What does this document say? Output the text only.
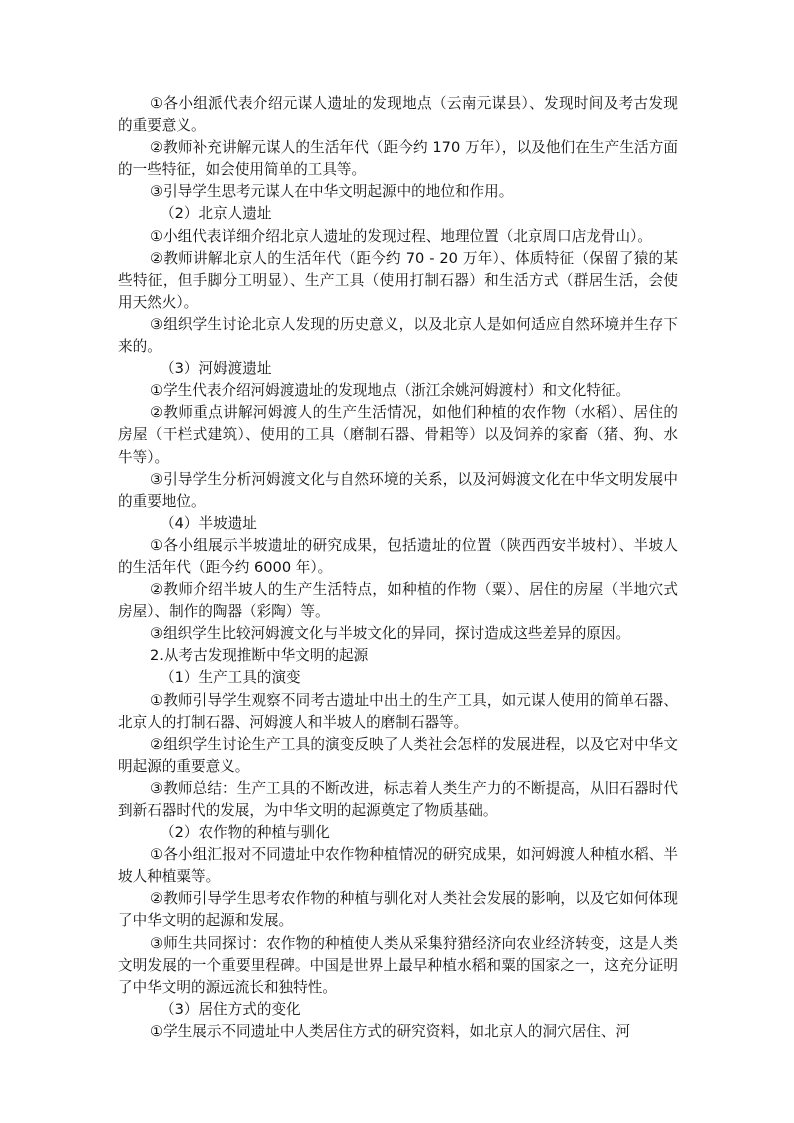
①各小组派代表介绍元谋人遗址的发现地点（云南元谋县）、发现时间及考古发现的重要意义。

②教师补充讲解元谋人的生活年代（距今约 170 万年），以及他们在生产生活方面的一些特征，如会使用简单的工具等。

③引导学生思考元谋人在中华文明起源中的地位和作用。

（2）北京人遗址

①小组代表详细介绍北京人遗址的发现过程、地理位置（北京周口店龙骨山）。

②教师讲解北京人的生活年代（距今约 70 - 20 万年）、体质特征（保留了猿的某些特征，但手脚分工明显）、生产工具（使用打制石器）和生活方式（群居生活，会使用天然火）。

③组织学生讨论北京人发现的历史意义，以及北京人是如何适应自然环境并生存下来的。

（3）河姆渡遗址

①学生代表介绍河姆渡遗址的发现地点（浙江余姚河姆渡村）和文化特征。

②教师重点讲解河姆渡人的生产生活情况，如他们种植的农作物（水稻）、居住的房屋（干栏式建筑）、使用的工具（磨制石器、骨耜等）以及饲养的家畜（猪、狗、水牛等）。

③引导学生分析河姆渡文化与自然环境的关系，以及河姆渡文化在中华文明发展中的重要地位。

（4）半坡遗址

①各小组展示半坡遗址的研究成果，包括遗址的位置（陕西西安半坡村）、半坡人的生活年代（距今约 6000 年）。

②教师介绍半坡人的生产生活特点，如种植的作物（粟）、居住的房屋（半地穴式房屋）、制作的陶器（彩陶）等。

③组织学生比较河姆渡文化与半坡文化的异同，探讨造成这些差异的原因。

2.从考古发现推断中华文明的起源

（1）生产工具的演变

①教师引导学生观察不同考古遗址中出土的生产工具，如元谋人使用的简单石器、北京人的打制石器、河姆渡人和半坡人的磨制石器等。

②组织学生讨论生产工具的演变反映了人类社会怎样的发展进程，以及它对中华文明起源的重要意义。

③教师总结：生产工具的不断改进，标志着人类生产力的不断提高，从旧石器时代到新石器时代的发展，为中华文明的起源奠定了物质基础。

（2）农作物的种植与驯化

①各小组汇报对不同遗址中农作物种植情况的研究成果，如河姆渡人种植水稻、半坡人种植粟等。

②教师引导学生思考农作物的种植与驯化对人类社会发展的影响，以及它如何体现了中华文明的起源和发展。

③师生共同探讨：农作物的种植使人类从采集狩猎经济向农业经济转变，这是人类文明发展的一个重要里程碑。中国是世界上最早种植水稻和粟的国家之一，这充分证明了中华文明的源远流长和独特性。

（3）居住方式的变化

①学生展示不同遗址中人类居住方式的研究资料，如北京人的洞穴居住、河
